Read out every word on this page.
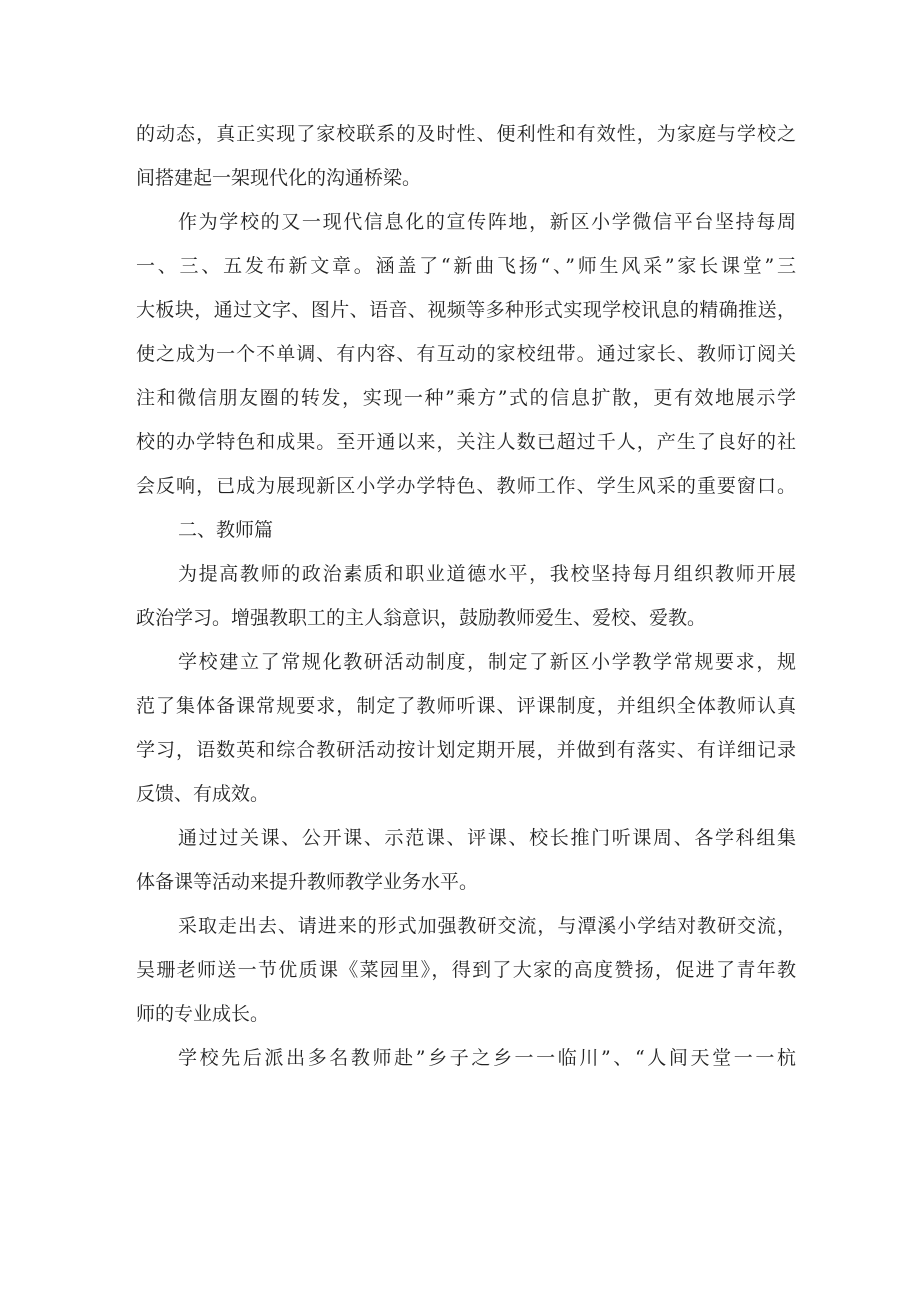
的动态，真正实现了家校联系的及时性、便利性和有效性，为家庭与学校之
间搭建起一架现代化的沟通桥梁。
作为学校的又一现代信息化的宣传阵地，新区小学微信平台坚持每周
一、三、五发布新文章。涵盖了“新曲飞扬“、”师生风采”家长课堂”三
大板块，通过文字、图片、语音、视频等多种形式实现学校讯息的精确推送，
使之成为一个不单调、有内容、有互动的家校纽带。通过家长、教师订阅关
注和微信朋友圈的转发，实现一种”乘方”式的信息扩散，更有效地展示学
校的办学特色和成果。至开通以来，关注人数已超过千人，产生了良好的社
会反响，已成为展现新区小学办学特色、教师工作、学生风采的重要窗口。
二、教师篇
为提高教师的政治素质和职业道德水平，我校坚持每月组织教师开展
政治学习。增强教职工的主人翁意识，鼓励教师爱生、爱校、爱教。
学校建立了常规化教研活动制度，制定了新区小学教学常规要求，规
范了集体备课常规要求，制定了教师听课、评课制度，并组织全体教师认真
学习，语数英和综合教研活动按计划定期开展，并做到有落实、有详细记录
反馈、有成效。
通过过关课、公开课、示范课、评课、校长推门听课周、各学科组集
体备课等活动来提升教师教学业务水平。
采取走出去、请进来的形式加强教研交流，与潭溪小学结对教研交流，
吴珊老师送一节优质课《菜园里》，得到了大家的高度赞扬，促进了青年教
师的专业成长。
学校先后派出多名教师赴”乡子之乡一一临川”、“人间天堂一一杭
